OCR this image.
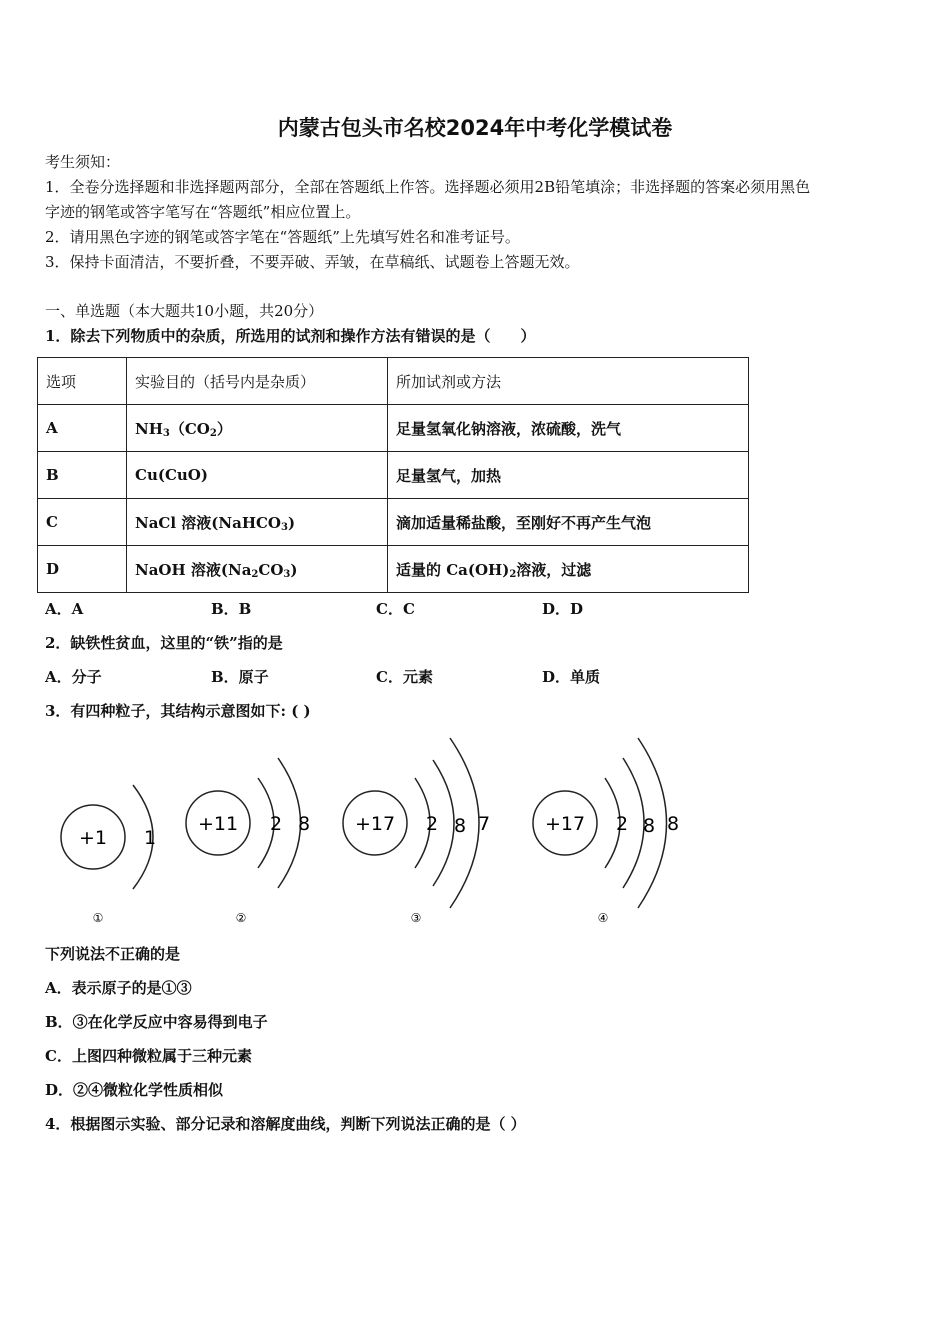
内蒙古包头市名校2024年中考化学模试卷
考生须知：
1．全卷分选择题和非选择题两部分，全部在答题纸上作答。选择题必须用2B铅笔填涂；非选择题的答案必须用黑色
字迹的钢笔或答字笔写在“答题纸”相应位置上。
2．请用黑色字迹的钢笔或答字笔在“答题纸”上先填写姓名和准考证号。
3．保持卡面清洁，不要折叠，不要弄破、弄皱，在草稿纸、试题卷上答题无效。
一、单选题（本大题共10小题，共20分）
1．除去下列物质中的杂质，所选用的试剂和操作方法有错误的是（　　）
选项	实验目的（括号内是杂质）	所加试剂或方法
A	$NH_3(CO_2)$	足量氢氧化钠溶液，浓硫酸，洗气
B	Cu(CuO)	足量氢气，加热
C	NaCl 溶液(NaHCO$_3$)	滴加适量稀盐酸，至刚好不再产生气泡
D	NaOH 溶液$(Na_2CO_3)$	适量的 $Ca(OH)_2$溶液，过滤
A．A	B．B	C．C	D．D
2．缺铁性贫血，这里的“铁”指的是
A．分子	B．原子	C．元素	D．单质
3．有四种粒子，其结构示意图如下: ( )
+1 1
①
+11 2 8
②
+17 2 8 7
③
+17 2 8 8
④
下列说法不正确的是
A．表示原子的是①③
B．③在化学反应中容易得到电子
C．上图四种微粒属于三种元素
D．②④微粒化学性质相似
4．根据图示实验、部分记录和溶解度曲线，判断下列说法正确的是（ ）
